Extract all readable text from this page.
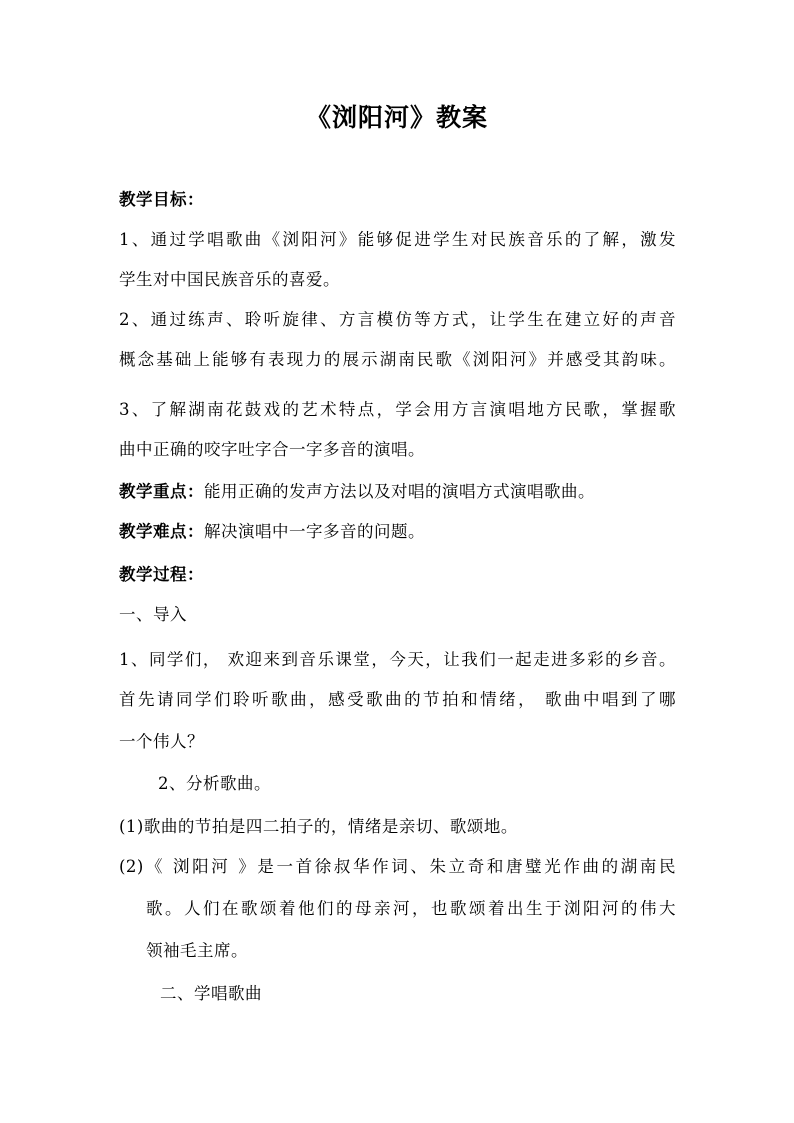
《浏阳河》教案
教学目标：
1、通过学唱歌曲《浏阳河》能够促进学生对民族音乐的了解，激发
学生对中国民族音乐的喜爱。
2、通过练声、聆听旋律、方言模仿等方式，让学生在建立好的声音
概念基础上能够有表现力的展示湖南民歌《浏阳河》并感受其韵味。
3、了解湖南花鼓戏的艺术特点，学会用方言演唱地方民歌，掌握歌
曲中正确的咬字吐字合一字多音的演唱。
教学重点：能用正确的发声方法以及对唱的演唱方式演唱歌曲。
教学难点：解决演唱中一字多音的问题。
教学过程：
一、导入
1、同学们， 欢迎来到音乐课堂，今天，让我们一起走进多彩的乡音。
首先请同学们聆听歌曲，感受歌曲的节拍和情绪， 歌曲中唱到了哪
一个伟人？
2、分析歌曲。
(1)歌曲的节拍是四二拍子的，情绪是亲切、歌颂地。
(2)《 浏阳河 》是一首徐叔华作词、朱立奇和唐璧光作曲的湖南民
歌。人们在歌颂着他们的母亲河，也歌颂着出生于浏阳河的伟大
领袖毛主席。
二、学唱歌曲
